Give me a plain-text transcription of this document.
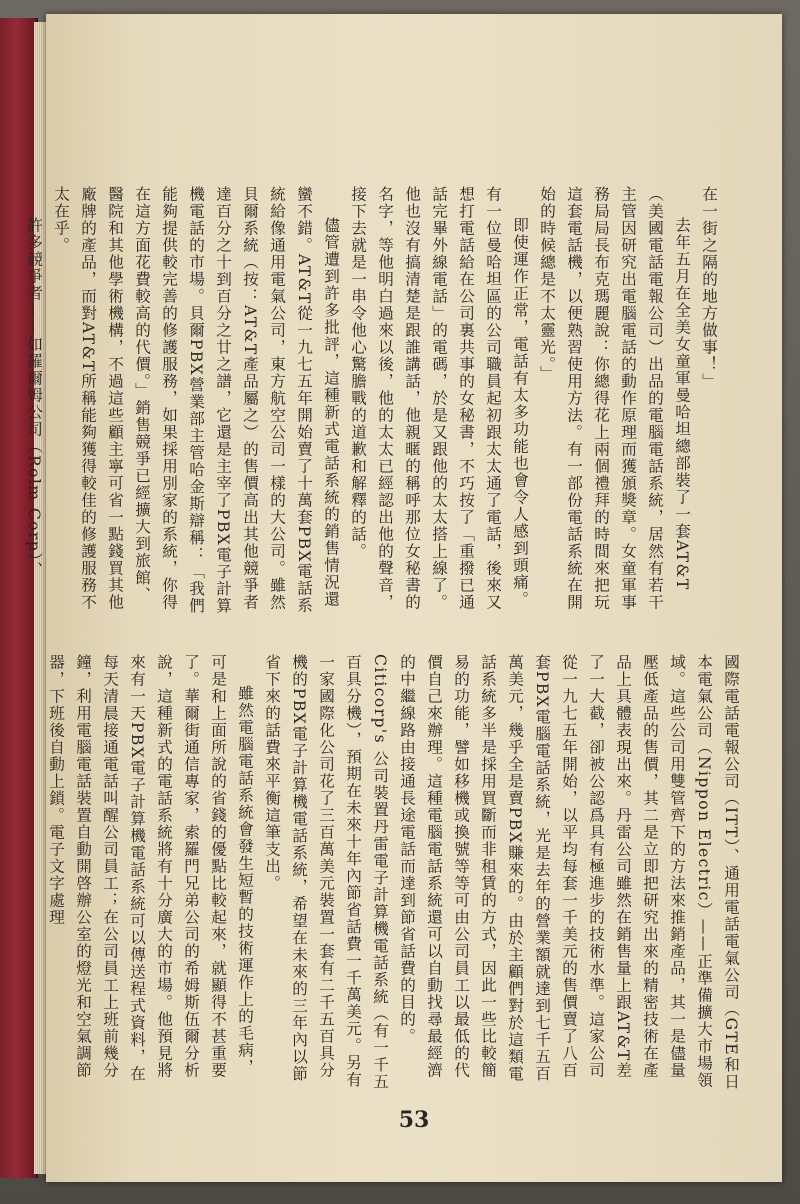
在一街之隔的地方做事！」

去年五月在全美女童軍曼哈坦總部裝了一套AT&T（美國電話電報公司）出品的電腦電話系統，居然有若干主管因研究出電腦電話的動作原理而獲頒獎章。女童軍事務局局長布克瑪麗說：你總得花上兩個禮拜的時間來把玩這套電話機，以便熟習使用方法。有一部份電話系統在開始的時候總是不太靈光。」

即使運作正常，電話有太多功能也會令人感到頭痛。有一位曼哈坦區的公司職員起初跟太太通了電話，後來又想打電話給在公司裏共事的女秘書，不巧按了「重撥已通話完畢外線電話」的電碼，於是又跟他的太太搭上線了。他也沒有搞清楚是跟誰講話，他親暱的稱呼那位女秘書的名字，等他明白過來以後，他的太太已經認出他的聲音，接下去就是一串令他心驚膽戰的道歉和解釋的話。

儘管遭到許多批評，這種新式電話系統的銷售情況還蠻不錯。AT&T從一九七五年開始賣了十萬套PBX電話系統給像通用電氣公司，東方航空公司一樣的大公司。雖然貝爾系統（按：AT&T產品屬之）的售價高出其他競爭者達百分之十到百分之廿之譜，它還是主宰了PBX電子計算機電話的市場。貝爾PBX營業部主管哈金斯辯稱：「我們能夠提供較完善的修護服務，如果採用別家的系統，你得在這方面花費較高的代價。」銷售競爭已經擴大到旅館、醫院和其他學術機構，不過這些顧主寧可省一點錢買其他廠牌的產品，而對AT&T所稱能夠獲得較佳的修護服務不太在乎。

許多競爭者——如羅爾姆公司（Rolm Corp）、

國際電話電報公司（ITT）、通用電話電氣公司（GTE和日本電氣公司（Nippon Electric）——正準備擴大市場領域。這些公司用雙管齊下的方法來推銷產品，其一是儘量壓低產品的售價，其二是立即把研究出來的精密技術在產品上具體表現出來。丹雷公司雖然在銷售量上跟AT&T差了一大截，卻被公認爲具有極進步的技術水準。這家公司從一九七五年開始，以平均每套一千美元的售價賣了八百套PBX電腦電話系統，光是去年的營業額就達到七千五百萬美元，幾乎全是賣PBX賺來的。由於主顧們對於這類電話系統多半是採用買斷而非租賃的方式，因此一些比較簡易的功能，譬如移機或換號等等可由公司員工以最低的代價自己來辦理。這種電腦電話系統還可以自動找尋最經濟的中繼線路由接通長途電話而達到節省話費的目的。Citicorp's 公司裝置丹雷電子計算機電話系統（有一千五百具分機），預期在未來十年內節省話費一千萬美元。另有一家國際化公司花了三百萬美元裝置一套有二千五百具分機的PBX電子計算機電話系統，希望在未來的三年內以節省下來的話費來平衡這筆支出。

雖然電腦電話系統會發生短暫的技術運作上的毛病，可是和上面所說的省錢的優點比較起來，就顯得不甚重要了。華爾街通信專家，索羅門兄弟公司的希姆斯伍爾分析說，這種新式的電話系統將有十分廣大的市場。他預見將來有一天PBX電子計算機電話系統可以傳送程式資料，在每天清晨接通電話叫醒公司員工；在公司員工上班前幾分鐘，利用電腦電話裝置自動開啓辦公室的燈光和空氣調節器，下班後自動上鎖。電子文字處理

53
